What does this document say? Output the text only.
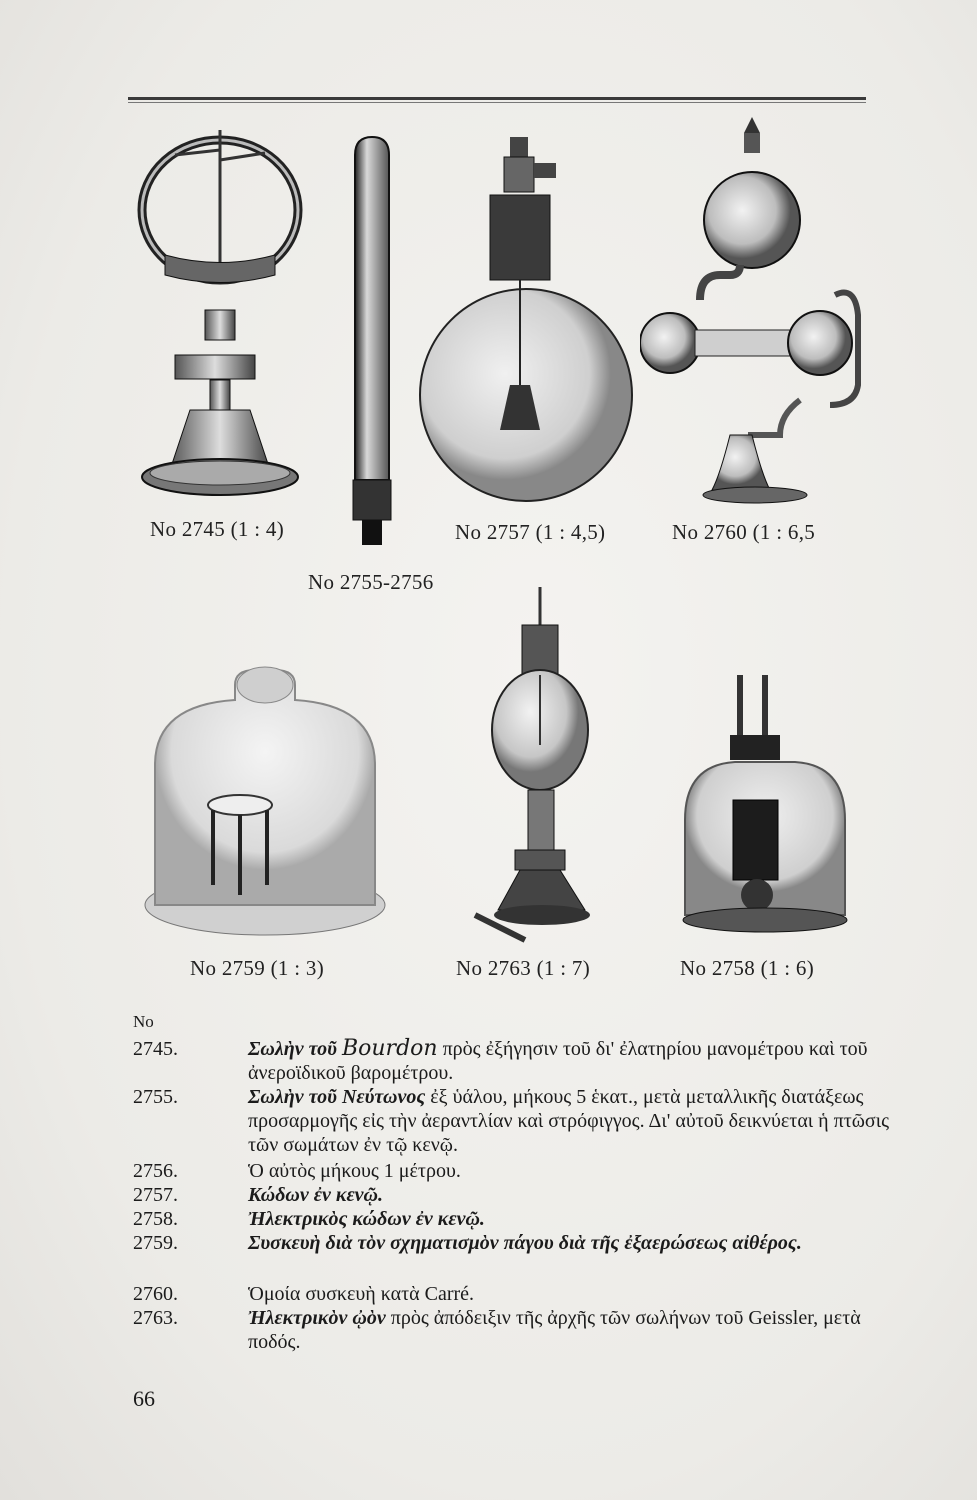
No 2745 (1 : 4)
No 2755-2756
No 2757 (1 : 4,5)	No 2760 (1 : 6,5
No 2759 (1 : 3)	No 2763 (1 : 7)	No 2758 (1 : 6)
No
2745.	Σωλὴν τοῦ Bourdon πρὸς ἐξήγησιν τοῦ δι' ἐλατηρίου μανομέτρου καὶ τοῦ ἀνεροϊδικοῦ βαρομέτρου.
2755.	Σωλὴν τοῦ Νεύτωνος ἐξ ὑάλου, μήκους 5 ἑκατ., μετὰ μεταλλικῆς διατάξεως προσαρμογῆς εἰς τὴν ἀεραντλίαν καὶ στρόφιγγος. Δι' αὐτοῦ δεικνύεται ἡ πτῶσις τῶν σωμάτων ἐν τῷ κενῷ.
2756.	Ὁ αὐτὸς μήκους 1 μέτρου.
2757.	Κώδων ἐν κενῷ.
2758.	Ἠλεκτρικὸς κώδων ἐν κενῷ.
2759.	Συσκευὴ διὰ τὸν σχηματισμὸν πάγου διὰ τῆς ἐξαερώσεως αἰθέρος.
2760.	Ὁμοία συσκευὴ κατὰ Carré.
2763.	Ἠλεκτρικὸν ᾠὸν πρὸς ἀπόδειξιν τῆς ἀρχῆς τῶν σωλήνων τοῦ Geissler, μετὰ ποδός.
66
